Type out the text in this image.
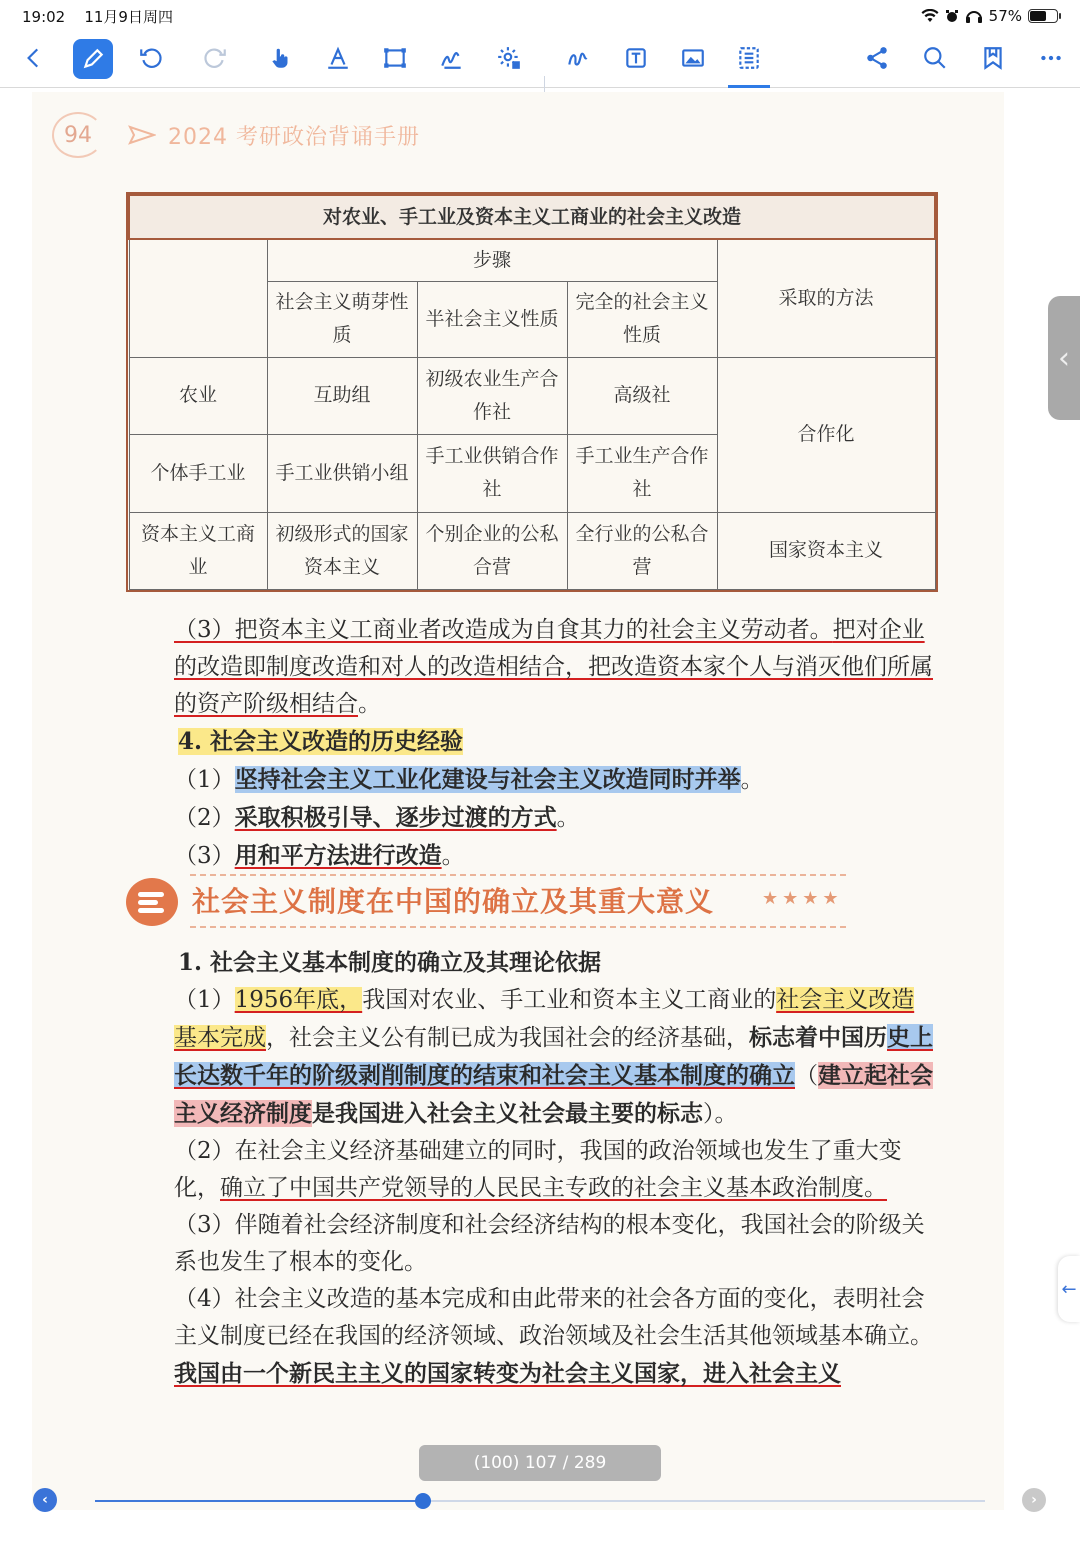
19:02 11月9日周四	57%
94	2024 考研政治背诵手册
对农业、手工业及资本主义工商业的社会主义改造				
	步骤			采取的方法
	社会主义萌芽性质	半社会主义性质	完全的社会主义性质	
农业	互助组	初级农业生产合作社	高级社	合作化
个体手工业	手工业供销小组	手工业供销合作社	手工业生产合作社	
资本主义工商业	初级形式的国家资本主义	个别企业的公私合营	全行业的公私合营	国家资本主义
（3）把资本主义工商业者改造成为自食其力的社会主义劳动者。把对企业的改造即制度改造和对人的改造相结合，把改造资本家个人与消灭他们所属的资产阶级相结合。
4. 社会主义改造的历史经验
（1）坚持社会主义工业化建设与社会主义改造同时并举。
（2）采取积极引导、逐步过渡的方式。
（3）用和平方法进行改造。
社会主义制度在中国的确立及其重大意义	★★★★
1. 社会主义基本制度的确立及其理论依据
（1）1956年底，我国对农业、手工业和资本主义工商业的社会主义改造基本完成，社会主义公有制已成为我国社会的经济基础，标志着中国历史上长达数千年的阶级剥削制度的结束和社会主义基本制度的确立（建立起社会主义经济制度是我国进入社会主义社会最主要的标志）。
（2）在社会主义经济基础建立的同时，我国的政治领域也发生了重大变化，确立了中国共产党领导的人民民主专政的社会主义基本政治制度。
（3）伴随着社会经济制度和社会经济结构的根本变化，我国社会的阶级关系也发生了根本的变化。
（4）社会主义改造的基本完成和由此带来的社会各方面的变化，表明社会主义制度已经在我国的经济领域、政治领域及社会生活其他领域基本确立。我国由一个新民主主义的国家转变为社会主义国家，进入社会主义
‹
←
(100) 107 / 289
‹	›
